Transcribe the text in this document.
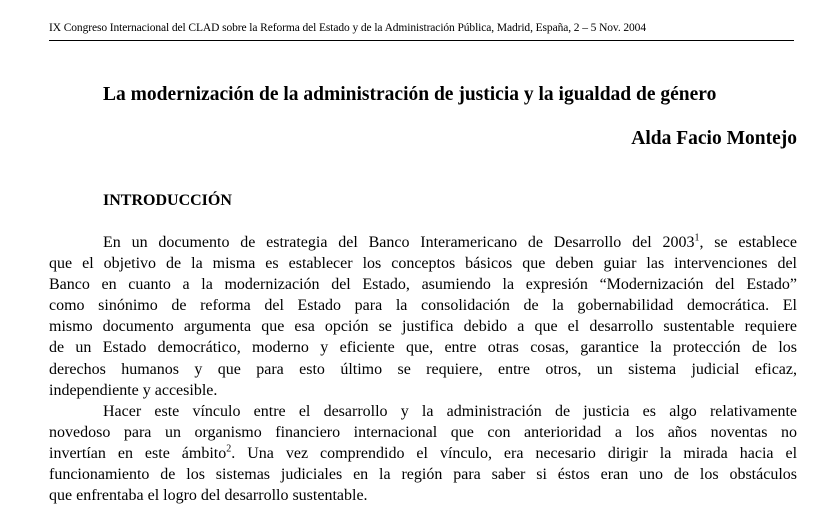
IX Congreso Internacional del CLAD sobre la Reforma del Estado y de la Administración Pública, Madrid, España, 2 – 5 Nov. 2004
La modernización de la administración de justicia y la igualdad de género
Alda Facio Montejo
INTRODUCCIÓN
En un documento de estrategia del Banco Interamericano de Desarrollo del 2003$^1$, se establece
que el objetivo de la misma es establecer los conceptos básicos que deben guiar las intervenciones del
Banco en cuanto a la modernización del Estado, asumiendo la expresión “Modernización del Estado”
como sinónimo de reforma del Estado para la consolidación de la gobernabilidad democrática. El
mismo documento argumenta que esa opción se justifica debido a que el desarrollo sustentable requiere
de un Estado democrático, moderno y eficiente que, entre otras cosas, garantice la protección de los
derechos humanos y que para esto último se requiere, entre otros, un sistema judicial eficaz,
independiente y accesible.
Hacer este vínculo entre el desarrollo y la administración de justicia es algo relativamente
novedoso para un organismo financiero internacional que con anterioridad a los años noventas no
invertían en este ámbito$^2$. Una vez comprendido el vínculo, era necesario dirigir la mirada hacia el
funcionamiento de los sistemas judiciales en la región para saber si éstos eran uno de los obstáculos
que enfrentaba el logro del desarrollo sustentable.
